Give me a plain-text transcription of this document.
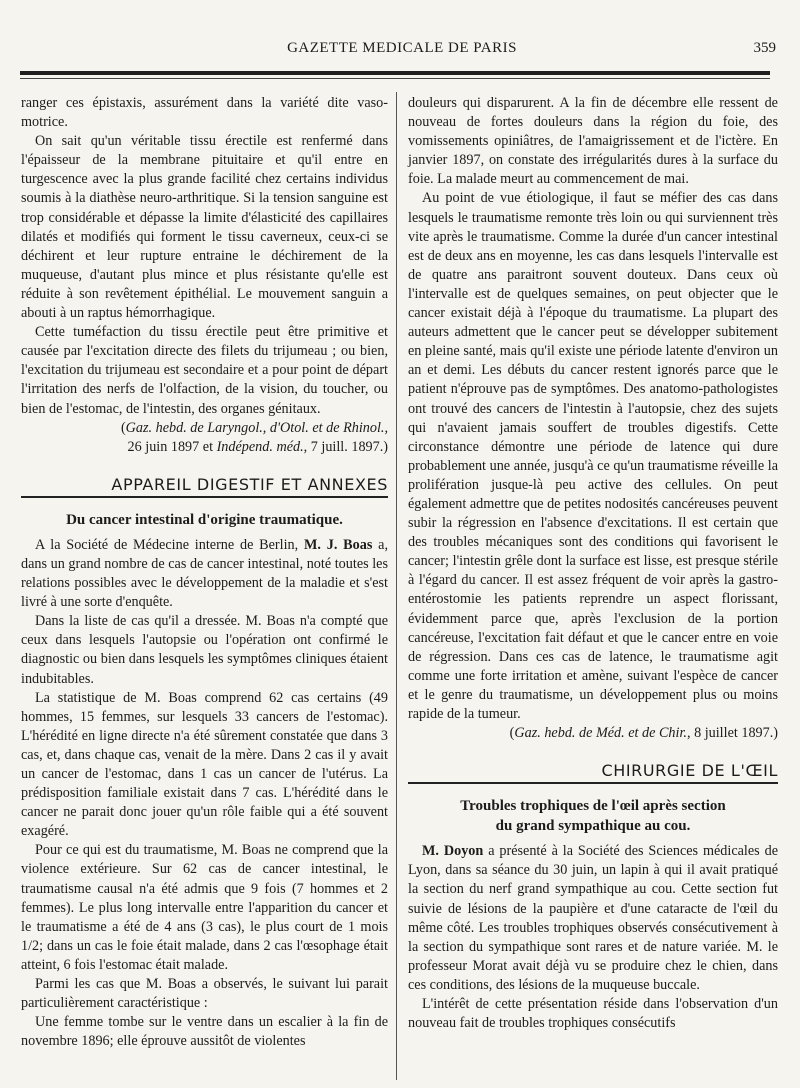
GAZETTE MEDICALE DE PARIS	359

ranger ces épistaxis, assurément dans la variété dite vaso-motrice.

On sait qu'un véritable tissu érectile est renfermé dans l'épaisseur de la membrane pituitaire et qu'il entre en turgescence avec la plus grande facilité chez certains individus soumis à la diathèse neuro-arthritique. Si la tension sanguine est trop considérable et dépasse la limite d'élasticité des capillaires dilatés et modifiés qui forment le tissu caverneux, ceux-ci se déchirent et leur rupture entraine le déchirement de la muqueuse, d'autant plus mince et plus résistante qu'elle est réduite à son revêtement épithélial. Le mouvement sanguin a abouti à un raptus hémorrhagique.

Cette tuméfaction du tissu érectile peut être primitive et causée par l'excitation directe des filets du trijumeau ; ou bien, l'excitation du trijumeau est secondaire et a pour point de départ l'irritation des nerfs de l'olfaction, de la vision, du toucher, ou bien de l'estomac, de l'intestin, des organes génitaux.

(Gaz. hebd. de Laryngol., d'Otol. et de Rhinol.,
26 juin 1897 et Indépend. méd., 7 juill. 1897.)

APPAREIL DIGESTIF ET ANNEXES
Du cancer intestinal d'origine traumatique.

A la Société de Médecine interne de Berlin, M. J. Boas a, dans un grand nombre de cas de cancer intestinal, noté toutes les relations possibles avec le développement de la maladie et s'est livré à une sorte d'enquête.

Dans la liste de cas qu'il a dressée. M. Boas n'a compté que ceux dans lesquels l'autopsie ou l'opération ont confirmé le diagnostic ou bien dans lesquels les symptômes cliniques étaient indubitables.

La statistique de M. Boas comprend 62 cas certains (49 hommes, 15 femmes, sur lesquels 33 cancers de l'estomac). L'hérédité en ligne directe n'a été sûrement constatée que dans 3 cas, et, dans chaque cas, venait de la mère. Dans 2 cas il y avait un cancer de l'estomac, dans 1 cas un cancer de l'utérus. La prédisposition familiale existait dans 7 cas. L'hérédité dans le cancer ne parait donc jouer qu'un rôle faible qui a été souvent exagéré.

Pour ce qui est du traumatisme, M. Boas ne comprend que la violence extérieure. Sur 62 cas de cancer intestinal, le traumatisme causal n'a été admis que 9 fois (7 hommes et 2 femmes). Le plus long intervalle entre l'apparition du cancer et le traumatisme a été de 4 ans (3 cas), le plus court de 1 mois 1/2; dans un cas le foie était malade, dans 2 cas l'œsophage était atteint, 6 fois l'estomac était malade.

Parmi les cas que M. Boas a observés, le suivant lui parait particulièrement caractéristique :

Une femme tombe sur le ventre dans un escalier à la fin de novembre 1896; elle éprouve aussitôt de violentes

douleurs qui disparurent. A la fin de décembre elle ressent de nouveau de fortes douleurs dans la région du foie, des vomissements opiniâtres, de l'amaigrissement et de l'ictère. En janvier 1897, on constate des irrégularités dures à la surface du foie. La malade meurt au commencement de mai.

Au point de vue étiologique, il faut se méfier des cas dans lesquels le traumatisme remonte très loin ou qui surviennent très vite après le traumatisme. Comme la durée d'un cancer intestinal est de deux ans en moyenne, les cas dans lesquels l'intervalle est de quatre ans paraitront souvent douteux. Dans ceux où l'intervalle est de quelques semaines, on peut objecter que le cancer existait déjà à l'époque du traumatisme. La plupart des auteurs admettent que le cancer peut se développer subitement en pleine santé, mais qu'il existe une période latente d'environ un an et demi. Les débuts du cancer restent ignorés parce que le patient n'éprouve pas de symptômes. Des anatomo-pathologistes ont trouvé des cancers de l'intestin à l'autopsie, chez des sujets qui n'avaient jamais souffert de troubles digestifs. Cette circonstance démontre une période de latence qui dure probablement une année, jusqu'à ce qu'un traumatisme réveille la prolifération jusque-là peu active des cellules. On peut également admettre que de petites nodosités cancéreuses peuvent subir la régression en l'absence d'excitations. Il est certain que des troubles mécaniques sont des conditions qui favorisent le cancer; l'intestin grêle dont la surface est lisse, est presque stérile à l'égard du cancer. Il est assez fréquent de voir après la gastro-entérostomie les patients reprendre un aspect florissant, évidemment parce que, après l'exclusion de la portion cancéreuse, l'excitation fait défaut et que le cancer entre en voie de régression. Dans ces cas de latence, le traumatisme agit comme une forte irritation et amène, suivant l'espèce de cancer et le genre du traumatisme, un développement plus ou moins rapide de la tumeur.

(Gaz. hebd. de Méd. et de Chir., 8 juillet 1897.)

CHIRURGIE DE L'ŒIL
Troubles trophiques de l'œil après section
du grand sympathique au cou.

M. Doyon a présenté à la Société des Sciences médicales de Lyon, dans sa séance du 30 juin, un lapin à qui il avait pratiqué la section du nerf grand sympathique au cou. Cette section fut suivie de lésions de la paupière et d'une cataracte de l'œil du même côté. Les troubles trophiques observés consécutivement à la section du sympathique sont rares et de nature variée. M. le professeur Morat avait déjà vu se produire chez le chien, dans ces conditions, des lésions de la muqueuse buccale.

L'intérêt de cette présentation réside dans l'observation d'un nouveau fait de troubles trophiques consécutifs
